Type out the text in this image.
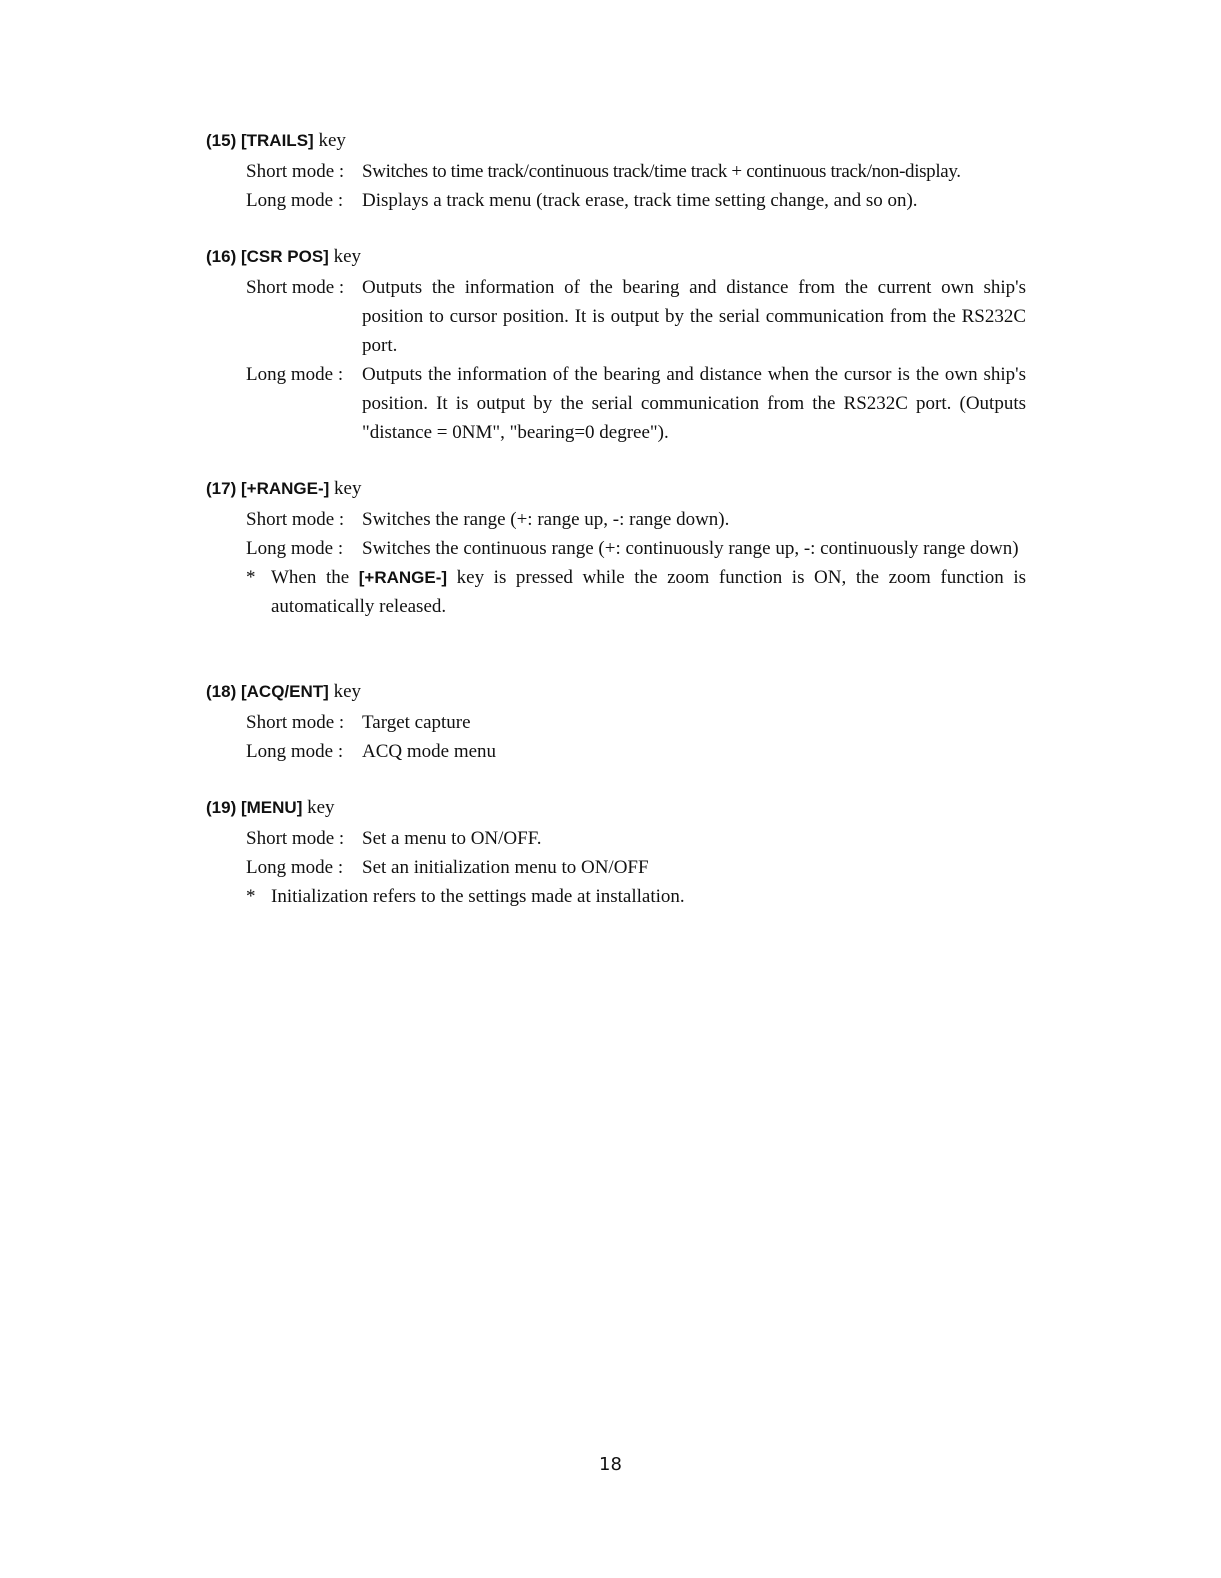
(15) [TRAILS] key
Short mode : Switches to time track/continuous track/time track + continuous track/non-display.
Long mode : Displays a track menu (track erase, track time setting change, and so on).
(16) [CSR POS] key
Short mode : Outputs the information of the bearing and distance from the current own ship's position to cursor position. It is output by the serial communication from the RS232C port.
Long mode : Outputs the information of the bearing and distance when the cursor is the own ship's position. It is output by the serial communication from the RS232C port. (Outputs "distance = 0NM", "bearing=0 degree").
(17) [+RANGE-] key
Short mode : Switches the range (+: range up, -: range down).
Long mode : Switches the continuous range (+: continuously range up, -: continuously range down)
* When the [+RANGE-] key is pressed while the zoom function is ON, the zoom function is automatically released.
(18) [ACQ/ENT] key
Short mode : Target capture
Long mode : ACQ mode menu
(19) [MENU] key
Short mode : Set a menu to ON/OFF.
Long mode : Set an initialization menu to ON/OFF
* Initialization refers to the settings made at installation.
18
